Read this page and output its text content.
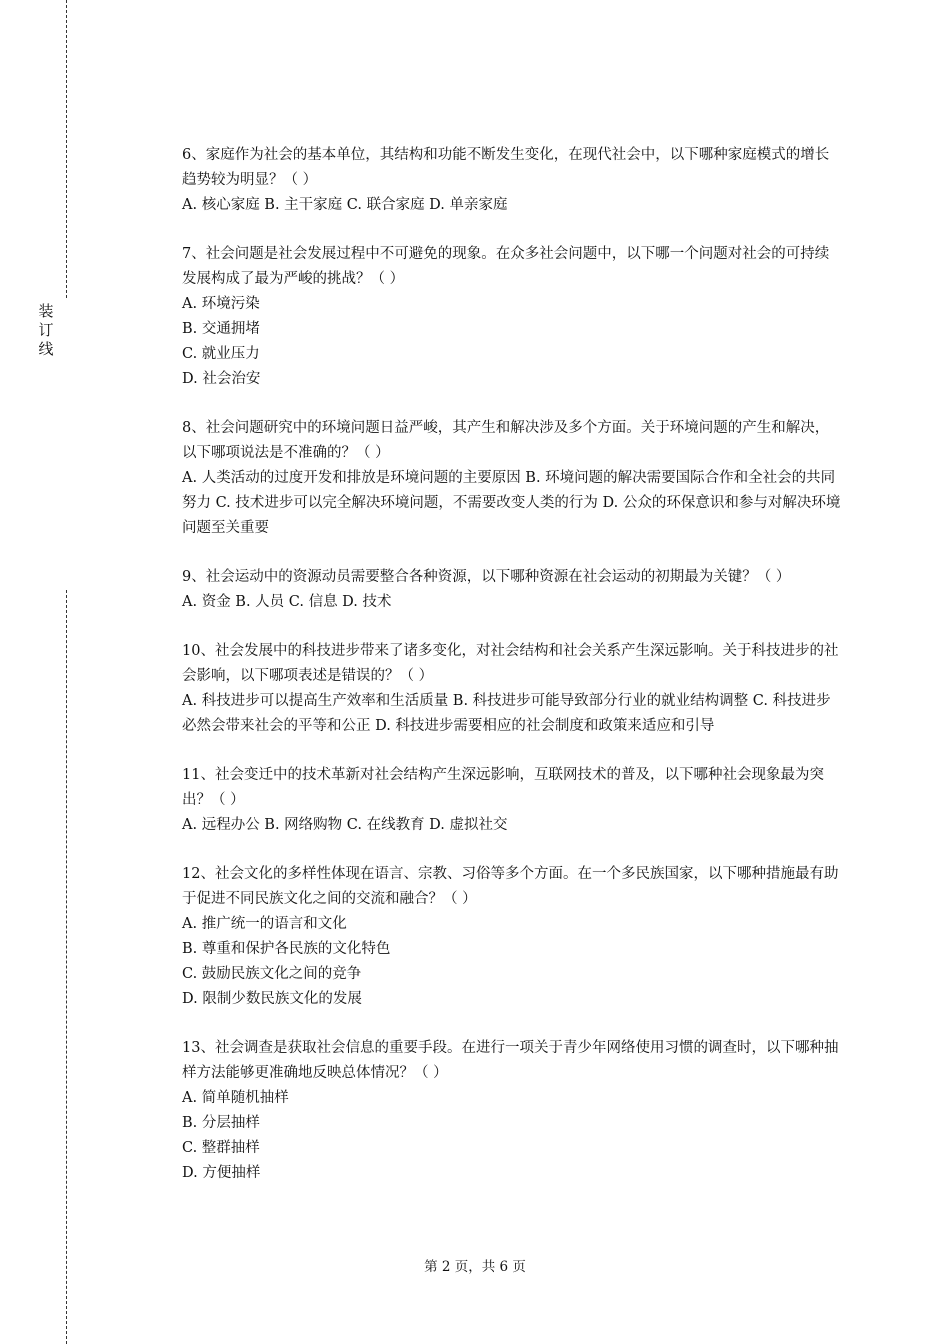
装
订
线

6、家庭作为社会的基本单位，其结构和功能不断发生变化，在现代社会中，以下哪种家庭模式的增长趋势较为明显？（ ）

A. 核心家庭 B. 主干家庭 C. 联合家庭 D. 单亲家庭

7、社会问题是社会发展过程中不可避免的现象。在众多社会问题中，以下哪一个问题对社会的可持续发展构成了最为严峻的挑战？（ ）

A. 环境污染

B. 交通拥堵

C. 就业压力

D. 社会治安

8、社会问题研究中的环境问题日益严峻，其产生和解决涉及多个方面。关于环境问题的产生和解决，以下哪项说法是不准确的？（ ）

A. 人类活动的过度开发和排放是环境问题的主要原因 B. 环境问题的解决需要国际合作和全社会的共同努力 C. 技术进步可以完全解决环境问题，不需要改变人类的行为 D. 公众的环保意识和参与对解决环境问题至关重要

9、社会运动中的资源动员需要整合各种资源，以下哪种资源在社会运动的初期最为关键？（ ）

A. 资金 B. 人员 C. 信息 D. 技术

10、社会发展中的科技进步带来了诸多变化，对社会结构和社会关系产生深远影响。关于科技进步的社会影响，以下哪项表述是错误的？（ ）

A. 科技进步可以提高生产效率和生活质量 B. 科技进步可能导致部分行业的就业结构调整 C. 科技进步必然会带来社会的平等和公正 D. 科技进步需要相应的社会制度和政策来适应和引导

11、社会变迁中的技术革新对社会结构产生深远影响，互联网技术的普及，以下哪种社会现象最为突出？（ ）

A. 远程办公 B. 网络购物 C. 在线教育 D. 虚拟社交

12、社会文化的多样性体现在语言、宗教、习俗等多个方面。在一个多民族国家，以下哪种措施最有助于促进不同民族文化之间的交流和融合？（ ）

A. 推广统一的语言和文化

B. 尊重和保护各民族的文化特色

C. 鼓励民族文化之间的竞争

D. 限制少数民族文化的发展

13、社会调查是获取社会信息的重要手段。在进行一项关于青少年网络使用习惯的调查时，以下哪种抽样方法能够更准确地反映总体情况？（ ）

A. 简单随机抽样

B. 分层抽样

C. 整群抽样

D. 方便抽样

第 2 页，共 6 页
